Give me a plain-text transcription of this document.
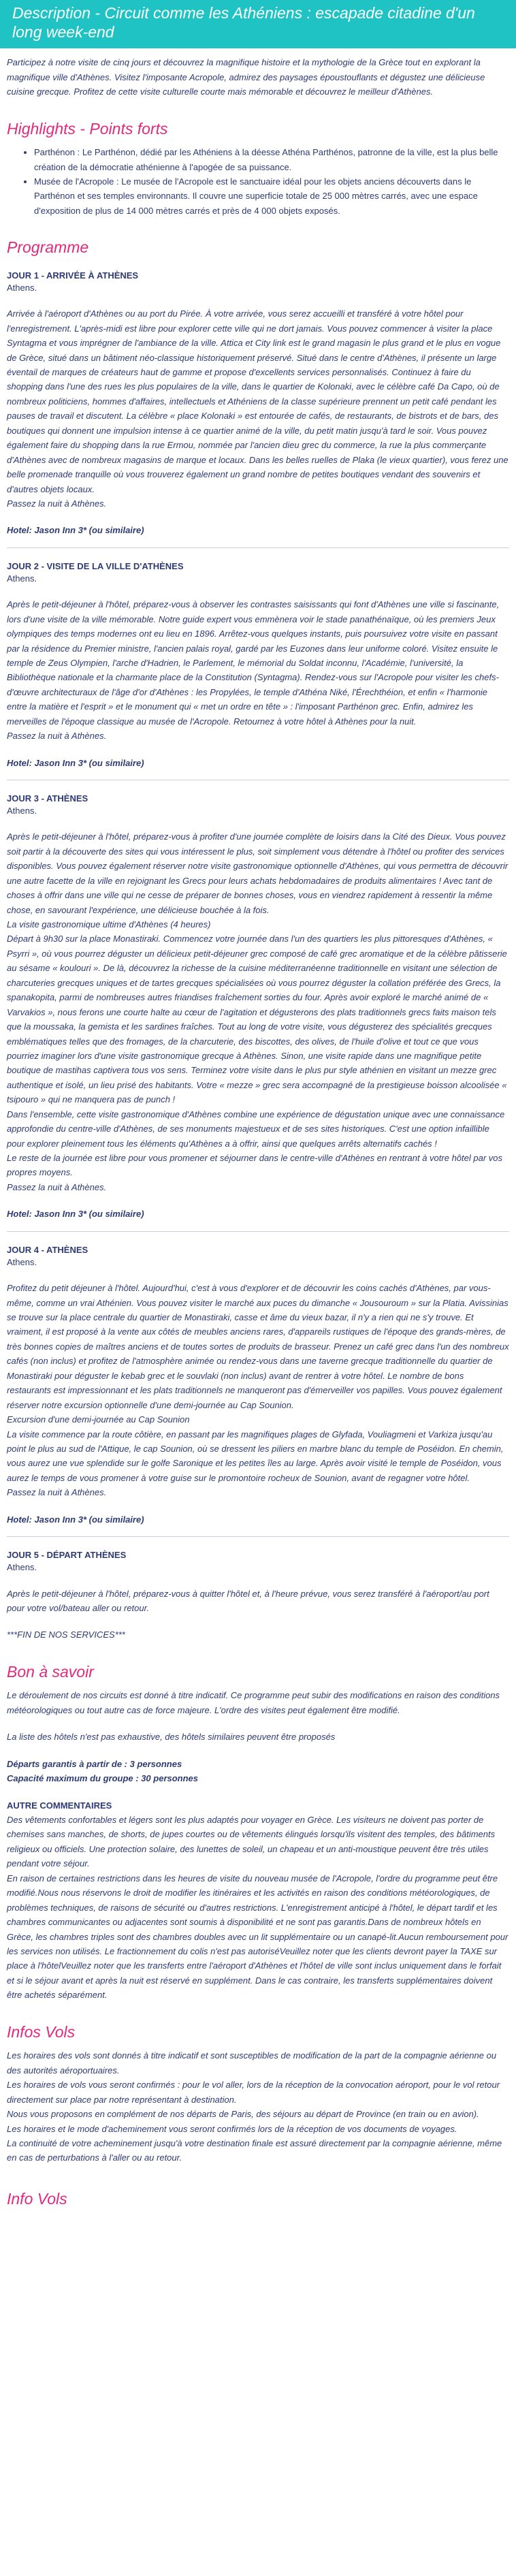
Description - Circuit comme les Athéniens : escapade citadine d'un long week-end

Participez à notre visite de cinq jours et découvrez la magnifique histoire et la mythologie de la Grèce tout en explorant la magnifique ville d'Athènes. Visitez l'imposante Acropole, admirez des paysages époustouflants et dégustez une délicieuse cuisine grecque. Profitez de cette visite culturelle courte mais mémorable et découvrez le meilleur d'Athènes.

Highlights - Points forts
• Parthénon : Le Parthénon, dédié par les Athéniens à la déesse Athéna Parthénos, patronne de la ville, est la plus belle création de la démocratie athénienne à l'apogée de sa puissance.
• Musée de l'Acropole : Le musée de l'Acropole est le sanctuaire idéal pour les objets anciens découverts dans le Parthénon et ses temples environnants. Il couvre une superficie totale de 25 000 mètres carrés, avec une espace d'exposition de plus de 14 000 mètres carrés et près de 4 000 objets exposés.
Programme
JOUR 1 - ARRIVÉE À ATHÈNES
Athens.

Arrivée à l'aéroport d'Athènes ou au port du Pirée. À votre arrivée, vous serez accueilli et transféré à votre hôtel pour l'enregistrement. L'après-midi est libre pour explorer cette ville qui ne dort jamais. Vous pouvez commencer à visiter la place Syntagma et vous imprégner de l'ambiance de la ville. Attica et City link est le grand magasin le plus grand et le plus en vogue de Grèce, situé dans un bâtiment néo-classique historiquement préservé. Situé dans le centre d'Athènes, il présente un large éventail de marques de créateurs haut de gamme et propose d'excellents services personnalisés. Continuez à faire du shopping dans l'une des rues les plus populaires de la ville, dans le quartier de Kolonaki, avec le célèbre café Da Capo, où de nombreux politiciens, hommes d'affaires, intellectuels et Athéniens de la classe supérieure prennent un petit café pendant les pauses de travail et discutent. La célèbre « place Kolonaki » est entourée de cafés, de restaurants, de bistrots et de bars, des boutiques qui donnent une impulsion intense à ce quartier animé de la ville, du petit matin jusqu'à tard le soir. Vous pouvez également faire du shopping dans la rue Ermou, nommée par l'ancien dieu grec du commerce, la rue la plus commerçante d'Athènes avec de nombreux magasins de marque et locaux. Dans les belles ruelles de Plaka (le vieux quartier), vous ferez une belle promenade tranquille où vous trouverez également un grand nombre de petites boutiques vendant des souvenirs et d'autres objets locaux.

Passez la nuit à Athènes.

Hotel: Jason Inn 3* (ou similaire)
JOUR 2 - VISITE DE LA VILLE D'ATHÈNES
Athens.

Après le petit-déjeuner à l'hôtel, préparez-vous à observer les contrastes saisissants qui font d'Athènes une ville si fascinante, lors d'une visite de la ville mémorable. Notre guide expert vous emmènera voir le stade panathénaïque, où les premiers Jeux olympiques des temps modernes ont eu lieu en 1896. Arrêtez-vous quelques instants, puis poursuivez votre visite en passant par la résidence du Premier ministre, l'ancien palais royal, gardé par les Euzones dans leur uniforme coloré. Visitez ensuite le temple de Zeus Olympien, l'arche d'Hadrien, le Parlement, le mémorial du Soldat inconnu, l'Académie, l'université, la Bibliothèque nationale et la charmante place de la Constitution (Syntagma). Rendez-vous sur l'Acropole pour visiter les chefs-d'œuvre architecturaux de l'âge d'or d'Athènes : les Propylées, le temple d'Athéna Niké, l'Érechthéion, et enfin « l'harmonie entre la matière et l'esprit » et le monument qui « met un ordre en tête » : l'imposant Parthénon grec. Enfin, admirez les merveilles de l'époque classique au musée de l'Acropole. Retournez à votre hôtel à Athènes pour la nuit.

Passez la nuit à Athènes.

Hotel: Jason Inn 3* (ou similaire)
JOUR 3 - ATHÈNES
Athens.

Après le petit-déjeuner à l'hôtel, préparez-vous à profiter d'une journée complète de loisirs dans la Cité des Dieux. Vous pouvez soit partir à la découverte des sites qui vous intéressent le plus, soit simplement vous détendre à l'hôtel ou profiter des services disponibles. Vous pouvez également réserver notre visite gastronomique optionnelle d'Athènes, qui vous permettra de découvrir une autre facette de la ville en rejoignant les Grecs pour leurs achats hebdomadaires de produits alimentaires ! Avec tant de choses à offrir dans une ville qui ne cesse de préparer de bonnes choses, vous en viendrez rapidement à ressentir la même chose, en savourant l'expérience, une délicieuse bouchée à la fois.

La visite gastronomique ultime d'Athènes (4 heures)

Départ à 9h30 sur la place Monastiraki. Commencez votre journée dans l'un des quartiers les plus pittoresques d'Athènes, « Psyrri », où vous pourrez déguster un délicieux petit-déjeuner grec composé de café grec aromatique et de la célèbre pâtisserie au sésame « koulouri ». De là, découvrez la richesse de la cuisine méditerranéenne traditionnelle en visitant une sélection de charcuteries grecques uniques et de tartes grecques spécialisées où vous pourrez déguster la collation préférée des Grecs, la spanakopita, parmi de nombreuses autres friandises fraîchement sorties du four. Après avoir exploré le marché animé de « Varvakios », nous ferons une courte halte au cœur de l'agitation et dégusterons des plats traditionnels grecs faits maison tels que la moussaka, la gemista et les sardines fraîches. Tout au long de votre visite, vous dégusterez des spécialités grecques emblématiques telles que des fromages, de la charcuterie, des biscottes, des olives, de l'huile d'olive et tout ce que vous pourriez imaginer lors d'une visite gastronomique grecque à Athènes. Sinon, une visite rapide dans une magnifique petite boutique de mastihas captivera tous vos sens. Terminez votre visite dans le plus pur style athénien en visitant un mezze grec authentique et isolé, un lieu prisé des habitants. Votre « mezze » grec sera accompagné de la prestigieuse boisson alcoolisée « tsipouro » qui ne manquera pas de punch !

Dans l'ensemble, cette visite gastronomique d'Athènes combine une expérience de dégustation unique avec une connaissance approfondie du centre-ville d'Athènes, de ses monuments majestueux et de ses sites historiques. C'est une option infaillible pour explorer pleinement tous les éléments qu'Athènes a à offrir, ainsi que quelques arrêts alternatifs cachés !

Le reste de la journée est libre pour vous promener et séjourner dans le centre-ville d'Athènes en rentrant à votre hôtel par vos propres moyens.

Passez la nuit à Athènes.

Hotel: Jason Inn 3* (ou similaire)
JOUR 4 - ATHÈNES
Athens.

Profitez du petit déjeuner à l'hôtel. Aujourd'hui, c'est à vous d'explorer et de découvrir les coins cachés d'Athènes, par vous-même, comme un vrai Athénien. Vous pouvez visiter le marché aux puces du dimanche « Jousouroum » sur la Platia. Avissinias se trouve sur la place centrale du quartier de Monastiraki, casse et âme du vieux bazar, il n'y a rien qui ne s'y trouve. Et vraiment, il est proposé à la vente aux côtés de meubles anciens rares, d'appareils rustiques de l'époque des grands-mères, de très bonnes copies de maîtres anciens et de toutes sortes de produits de brasseur. Prenez un café grec dans l'un des nombreux cafés (non inclus) et profitez de l'atmosphère animée ou rendez-vous dans une taverne grecque traditionnelle du quartier de Monastiraki pour déguster le kebab grec et le souvlaki (non inclus) avant de rentrer à votre hôtel. Le nombre de bons restaurants est impressionnant et les plats traditionnels ne manqueront pas d'émerveiller vos papilles. Vous pouvez également réserver notre excursion optionnelle d'une demi-journée au Cap Sounion.

Excursion d'une demi-journée au Cap Sounion

La visite commence par la route côtière, en passant par les magnifiques plages de Glyfada, Vouliagmeni et Varkiza jusqu'au point le plus au sud de l'Attique, le cap Sounion, où se dressent les piliers en marbre blanc du temple de Poséidon. En chemin, vous aurez une vue splendide sur le golfe Saronique et les petites îles au large. Après avoir visité le temple de Poséidon, vous aurez le temps de vous promener à votre guise sur le promontoire rocheux de Sounion, avant de regagner votre hôtel.

Passez la nuit à Athènes.

Hotel: Jason Inn 3* (ou similaire)
JOUR 5 - DÉPART ATHÈNES
Athens.

Après le petit-déjeuner à l'hôtel, préparez-vous à quitter l'hôtel et, à l'heure prévue, vous serez transféré à l'aéroport/au port pour votre vol/bateau aller ou retour.

***FIN DE NOS SERVICES***
Bon à savoir

Le déroulement de nos circuits est donné à titre indicatif. Ce programme peut subir des modifications en raison des conditions météorologiques ou tout autre cas de force majeure. L'ordre des visites peut également être modifié.

La liste des hôtels n'est pas exhaustive, des hôtels similaires peuvent être proposés

Départs garantis à partir de : 3 personnes
Capacité maximum du groupe : 30 personnes
AUTRE COMMENTAIRES

Des vêtements confortables et légers sont les plus adaptés pour voyager en Grèce. Les visiteurs ne doivent pas porter de chemises sans manches, de shorts, de jupes courtes ou de vêtements élingués lorsqu'ils visitent des temples, des bâtiments religieux ou officiels. Une protection solaire, des lunettes de soleil, un chapeau et un anti-moustique peuvent être très utiles pendant votre séjour.

En raison de certaines restrictions dans les heures de visite du nouveau musée de l'Acropole, l'ordre du programme peut être modifié.Nous nous réservons le droit de modifier les itinéraires et les activités en raison des conditions météorologiques, de problèmes techniques, de raisons de sécurité ou d'autres restrictions. L'enregistrement anticipé à l'hôtel, le départ tardif et les chambres communicantes ou adjacentes sont soumis à disponibilité et ne sont pas garantis.Dans de nombreux hôtels en Grèce, les chambres triples sont des chambres doubles avec un lit supplémentaire ou un canapé-lit.Aucun remboursement pour les services non utilisés. Le fractionnement du colis n'est pas autoriséVeuillez noter que les clients devront payer la TAXE sur place à l'hôtelVeuillez noter que les transferts entre l'aéroport d'Athènes et l'hôtel de ville sont inclus uniquement dans le forfait et si le séjour avant et après la nuit est réservé en supplément. Dans le cas contraire, les transferts supplémentaires doivent être achetés séparément.

Infos Vols

Les horaires des vols sont donnés à titre indicatif et sont susceptibles de modification de la part de la compagnie aérienne ou des autorités aéroportuaires.

Les horaires de vols vous seront confirmés : pour le vol aller, lors de la réception de la convocation aéroport, pour le vol retour directement sur place par notre représentant à destination.

Nous vous proposons en complément de nos départs de Paris, des séjours au départ de Province (en train ou en avion).

Les horaires et le mode d'acheminement vous seront confirmés lors de la réception de vos documents de voyages.

La continuité de votre acheminement jusqu'à votre destination finale est assuré directement par la compagnie aérienne, même en cas de perturbations à l'aller ou au retour.

Info Vols
